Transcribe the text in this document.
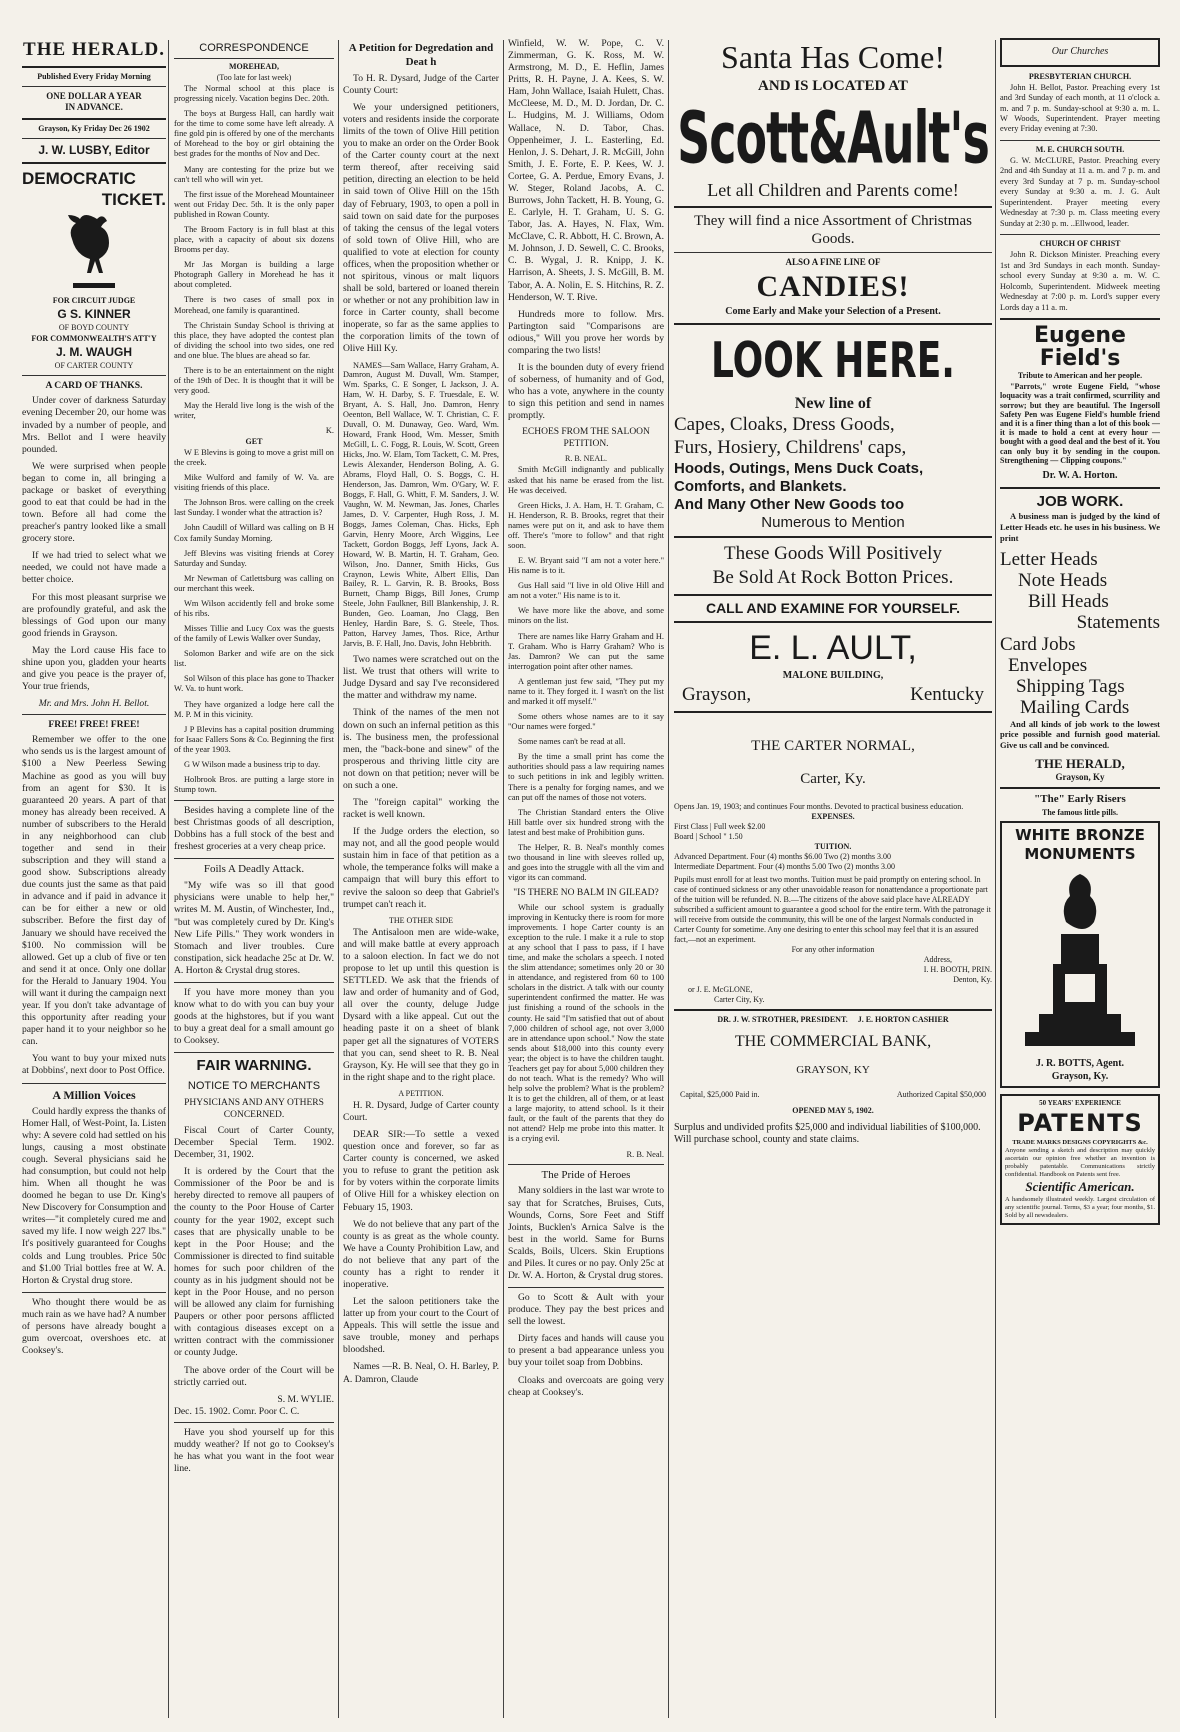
THE HERALD.
Published Every Friday Morning
ONE DOLLAR A YEAR
IN ADVANCE.
Grayson, Ky Friday Dec 26 1902
J. W. LUSBY, Editor
DEMOCRATIC
TICKET.
FOR CIRCUIT JUDGE
G S. KINNER
OF BOYD COUNTY
FOR COMMONWEALTH'S ATT'Y
J. M. WAUGH
OF CARTER COUNTY
A CARD OF THANKS.

Under cover of darkness Saturday evening December 20, our home was invaded by a number of people, and Mrs. Bellot and I were heavily pounded.

We were surprised when people began to come in, all bringing a package or basket of everything good to eat that could be had in the town. Before all had come the preacher's pantry looked like a small grocery store.

If we had tried to select what we needed, we could not have made a better choice.

For this most pleasant surprise we are profoundly grateful, and ask the blessings of God upon our many good friends in Grayson.

May the Lord cause His face to shine upon you, gladden your hearts and give you peace is the prayer of, Your true friends,

Mr. and Mrs. John H. Bellot.
FREE! FREE! FREE!

Remember we offer to the one who sends us is the largest amount of $100 a New Peerless Sewing Machine as good as you will buy from an agent for $30. It is guaranteed 20 years. A part of that money has already been received. A number of subscribers to the Herald in any neighborhood can club together and send in their subscription and they will stand a good show. Subscriptions already due counts just the same as that paid in advance and if paid in advance it can be for either a new or old subscriber. Before the first day of January we should have received the $100. No commission will be allowed. Get up a club of five or ten and send it at once. Only one dollar for the Herald to January 1904. You will want it during the campaign next year. If you don't take advantage of this opportunity after reading your paper hand it to your neighbor so he can.

You want to buy your mixed nuts at Dobbins', next door to Post Office.

A Million Voices

Could hardly express the thanks of Homer Hall, of West-Point, Ia. Listen why: A severe cold had settled on his lungs, causing a most obstinate cough. Several physicians said he had consumption, but could not help him. When all thought he was doomed he began to use Dr. King's New Discovery for Consumption and writes—"it completely cured me and saved my life. I now weigh 227 lbs." It's positively guaranteed for Coughs colds and Lung troubles. Price 50c and $1.00 Trial bottles free at W. A. Horton & Crystal drug store.

Who thought there would be as much rain as we have had? A number of persons have already bought a gum overcoat, overshoes etc. at Cooksey's.

CORRESPONDENCE
MOREHEAD,
(Too late for last week)

The Normal school at this place is progressing nicely. Vacation begins Dec. 20th.

The boys at Burgess Hall, can hardly wait for the time to come some have left already. A fine gold pin is offered by one of the merchants of Morehead to the boy or girl obtaining the best grades for the months of Nov and Dec.

Many are contesting for the prize but we can't tell who will win yet.

The first issue of the Morehead Mountaineer went out Friday Dec. 5th. It is the only paper published in Rowan County.

The Broom Factory is in full blast at this place, with a capacity of about six dozens Brooms per day.

Mr Jas Morgan is building a large Photograph Gallery in Morehead he has it about completed.

There is two cases of small pox in Morehead, one family is quarantined.

The Christain Sunday School is thriving at this place, they have adopted the contest plan of dividing the school into two sides, one red and one blue. The blues are ahead so far.

There is to be an entertainment on the night of the 19th of Dec. It is thought that it will be very good.

May the Herald live long is the wish of the writer,

K.
GET

W E Blevins is going to move a grist mill on the creek.

Mike Wulford and family of W. Va. are visiting friends of this place.

The Johnson Bros. were calling on the creek last Sunday. I wonder what the attraction is?

John Caudill of Willard was calling on B H Cox family Sunday Morning.

Jeff Blevins was visiting friends at Corey Saturday and Sunday.

Mr Newman of Catlettsburg was calling on our merchant this week.

Wm Wilson accidently fell and broke some of his ribs.

Misses Tillie and Lucy Cox was the guests of the family of Lewis Walker over Sunday,

Solomon Barker and wife are on the sick list.

Sol Wilson of this place has gone to Thacker W. Va. to hunt work.

They have organized a lodge here call the M. P. M in this vicinity.

J P Blevins has a capital position drumming for Isaac Fallers Sons & Co. Beginning the first of the year 1903.

G W Wilson made a business trip to day.

Holbrook Bros. are putting a large store in Stump town.

Besides having a complete line of the best Christmas goods of all description, Dobbins has a full stock of the best and freshest groceries at a very cheap price.

Foils A Deadly Attack.

"My wife was so ill that good physicians were unable to help her," writes M. M. Austin, of Winchester, Ind., "but was completely cured by Dr. King's New Life Pills." They work wonders in Stomach and liver troubles. Cure constipation, sick headache 25c at Dr. W. A. Horton & Crystal drug stores.

If you have more money than you know what to do with you can buy your goods at the highstores, but if you want to buy a great deal for a small amount go to Cooksey.

FAIR WARNING.
NOTICE TO MERCHANTS
PHYSICIANS AND ANY OTHERS CONCERNED.

Fiscal Court of Carter County, December Special Term. 1902. December, 31, 1902.

It is ordered by the Court that the Commissioner of the Poor be and is hereby directed to remove all paupers of the county to the Poor House of Carter county for the year 1902, except such cases that are physically unable to be kept in the Poor House; and the Commissioner is directed to find suitable homes for such poor children of the county as in his judgment should not be kept in the Poor House, and no person will be allowed any claim for furnishing Paupers or other poor persons afflicted with contagious diseases except on a written contract with the commissioner or county Judge.

The above order of the Court will be strictly carried out.

S. M. WYLIE.
Dec. 15. 1902. Comr. Poor C. C.

Have you shod yourself up for this muddy weather? If not go to Cooksey's he has what you want in the foot wear line.

A Petition for Degredation and Deat h

To H. R. Dysard, Judge of the Carter County Court:

We your undersigned petitioners, voters and residents inside the corporate limits of the town of Olive Hill petition you to make an order on the Order Book of the Carter county court at the next term thereof, after receiving said petition, directing an election to be held in said town of Olive Hill on the 15th day of February, 1903, to open a poll in said town on said date for the purposes of taking the census of the legal voters of sold town of Olive Hill, who are qualified to vote at election for county offices, when the proposition whether or not spiritous, vinous or malt liquors shall be sold, bartered or loaned therein or whether or not any prohibition law in force in Carter county, shall become inoperate, so far as the same applies to the corporation limits of the town of Olive Hill Ky.

NAMES—Sam Wallace, Harry Graham, A. Damron, August M. Duvall, Wm. Stamper, Wm. Sparks, C. E Songer, L Jackson, J. A. Ham, W. H. Darby, S. F. Truesdale, E. W. Bryant, A. S. Hall, Jno. Damron, Henry Oeenton, Bell Wallace, W. T. Christian, C. F. Duvall, O. M. Dunaway, Geo. Ward, Wm. Howard, Frank Hood, Wm. Messer, Smith McGill, L. C. Fogg, R. Louis, W. Scott, Green Hicks, Jno. W. Elam, Tom Tackett, C. M. Pres, Lewis Alexander, Henderson Boling, A. G. Abrams, Floyd Hall, O. S. Boggs, C. H. Henderson, Jas. Damron, Wm. O'Gary, W. F. Boggs, F. Hall, G. Whitt, F. M. Sanders, J. W. Vaughn, W. M. Newman, Jas. Jones, Charles James, D. V. Carpenter, Hugh Ross, J. M. Boggs, James Coleman, Chas. Hicks, Eph Garvin, Henry Moore, Arch Wiggins, Lee Tackett, Gordon Boggs, Jeff Lyons, Jack A. Howard, W. B. Martin, H. T. Graham, Geo. Wilson, Jno. Danner, Smith Hicks, Gus Craynon, Lewis White, Albert Ellis, Dan Bailey, R. L. Garvin, R. B. Brooks, Boss Burnett, Champ Biggs, Bill Jones, Crump Steele, John Faulkner, Bill Blankenship, J. R. Bunden, Geo. Loaman, Jno Clagg, Ben Henley, Hardin Bare, S. G. Steele, Thos. Patton, Harvey James, Thos. Rice, Arthur Jarvis, B. F. Hall, Jno. Davis, John Hebbrith.

Two names were scratched out on the list. We trust that others will write to Judge Dysard and say I've reconsidered the matter and withdraw my name.

Think of the names of the men not down on such an infernal petition as this is. The business men, the professional men, the "back-bone and sinew" of the prosperous and thriving little city are not down on that petition; never will be on such a one.

The "foreign capital" working the racket is well known.

If the Judge orders the election, so may not, and all the good people would sustain him in face of that petition as a whole, the temperance folks will make a campaign that will bury this effort to revive the saloon so deep that Gabriel's trumpet can't reach it.

THE OTHER SIDE

The Antisaloon men are wide-wake, and will make battle at every approach to a saloon election. In fact we do not propose to let up until this question is SETTLED. We ask that the friends of law and order of humanity and of God, all over the county, deluge Judge Dysard with a like appeal. Cut out the heading paste it on a sheet of blank paper get all the signatures of VOTERS that you can, send sheet to R. B. Neal Grayson, Ky. He will see that they go in in the right shape and to the right place.

A PETITION.

H. R. Dysard, Judge of Carter county Court.

DEAR SIR:—To settle a vexed question once and forever, so far as Carter county is concerned, we asked you to refuse to grant the petition ask for by voters within the corporate limits of Olive Hill for a whiskey election on Febuary 15, 1903.

We do not believe that any part of the county is as great as the whole county. We have a County Prohibition Law, and do not believe that any part of the county has a right to render it inoperative.

Let the saloon petitioners take the latter up from your court to the Court of Appeals. This will settle the issue and save trouble, money and perhaps bloodshed.

Names —R. B. Neal, O. H. Barley, P. A. Damron, Claude

Winfield, W. W. Pope, C. V. Zimmerman, G. K. Ross, M. W. Armstrong, M. D., E. Heflin, James Pritts, R. H. Payne, J. A. Kees, S. W. Ham, John Wallace, Isaiah Hulett, Chas. McCleese, M. D., M. D. Jordan, Dr. C. L. Hudgins, M. J. Williams, Odom Wallace, N. D. Tabor, Chas. Oppenheimer, J. L. Easterling, Ed. Henlon, J. S. Dehart, J. R. McGill, John Smith, J. E. Forte, E. P. Kees, W. J. Cortee, G. A. Perdue, Emory Evans, J. W. Steger, Roland Jacobs, A. C. Burrows, John Tackett, H. B. Young, G. E. Carlyle, H. T. Graham, U. S. G. Tabor, Jas. A. Hayes, N. Flax, Wm. McClave, C. R. Abbott, H. C. Brown, A. M. Johnson, J. D. Sewell, C. C. Brooks, C. B. Wygal, J. R. Knipp, J. K. Harrison, A. Sheets, J. S. McGill, B. M. Tabor, A. A. Nolin, E. S. Hitchins, R. Z. Henderson, W. T. Rive.

Hundreds more to follow. Mrs. Partington said "Comparisons are odious," Will you prove her words by comparing the two lists!

It is the bounden duty of every friend of soberness, of humanity and of God, who has a vote, anywhere in the county to sign this petition and send in names promptly.

ECHOES FROM THE SALOON PETITION.
R. B. NEAL.

Smith McGill indignantly and publically asked that his name be erased from the list. He was deceived.

Green Hicks, J. A. Ham, H. T. Graham, C. H. Henderson, R. B. Brooks, regret that their names were put on it, and ask to have them off. There's "more to follow" and that right soon.

E. W. Bryant said "I am not a voter here." His name is to it.

Gus Hall said "I live in old Olive Hill and am not a voter." His name is to it.

We have more like the above, and some minors on the list.

There are names like Harry Graham and H. T. Graham. Who is Harry Graham? Who is Jas. Damron? We can put the same interrogation point after other names.

A gentleman just few said, "They put my name to it. They forged it. I wasn't on the list and marked it off myself."

Some others whose names are to it say "Our names were forged."

Some names can't be read at all.

By the time a small print has come the authorities should pass a law requiring names to such petitions in ink and legibly written. There is a penalty for forging names, and we can put off the names of those not voters.

The Christian Standard enters the Olive Hill battle over six hundred strong with the latest and best make of Prohibition guns.

The Helper, R. B. Neal's monthly comes two thousand in line with sleeves rolled up, and goes into the struggle with all the vim and vigor its can command.

"IS THERE NO BALM IN GILEAD?

While our school system is gradually improving in Kentucky there is room for more improvements. I hope Carter county is an exception to the rule. I make it a rule to stop at any school that I pass to pass, if I have time, and make the scholars a speech. I noted the slim attendance; sometimes only 20 or 30 in attendance, and registered from 60 to 100 scholars in the district. A talk with our county superintendent confirmed the matter. He was just finishing a round of the schools in the county. He said "I'm satisfied that out of about 7,000 children of school age, not over 3,000 are in attendance upon school." Now the state sends about $18,000 into this county every year; the object is to have the children taught. Teachers get pay for about 5,000 children they do not teach. What is the remedy? Who will help solve the problem? What is the problem? It is to get the children, all of them, or at least a large majority, to attend school. Is it their fault, or the fault of the parents that they do not attend? Help me probe into this matter. It is a crying evil.

R. B. Neal.
The Pride of Heroes

Many soldiers in the last war wrote to say that for Scratches, Bruises, Cuts, Wounds, Corns, Sore Feet and Stiff Joints, Bucklen's Arnica Salve is the best in the world. Same for Burns Scalds, Boils, Ulcers. Skin Eruptions and Piles. It cures or no pay. Only 25c at Dr. W. A. Horton, & Crystal drug stores.

Go to Scott & Ault with your produce. They pay the best prices and sell the lowest.

Dirty faces and hands will cause you to present a bad appearance unless you buy your toilet soap from Dobbins.

Cloaks and overcoats are going very cheap at Cooksey's.

Santa Has Come!
AND IS LOCATED AT
Scott&Ault's
Let all Children and Parents come!
They will find a nice Assortment of Christmas Goods.
ALSO A FINE LINE OF
CANDIES!
Come Early and Make your Selection of a Present.
LOOK HERE.
New line of
Capes, Cloaks, Dress Goods,
Furs, Hosiery, Childrens' caps,
Hoods, Outings, Mens Duck Coats,
Comforts, and Blankets.
And Many Other New Goods too
Numerous to Mention
These Goods Will Positively
Be Sold At Rock Botton Prices.
CALL AND EXAMINE FOR YOURSELF.
E. L. AULT,
MALONE BUILDING,
Grayson,	Kentucky
THE CARTER NORMAL,
Carter, Ky.
Opens Jan. 19, 1903; and continues Four months. Devoted to practical business education.
EXPENSES.
First Class | Full week $2.00
Board | School " 1.50
TUITION.
Advanced Department. Four (4) months $6.00 Two (2) months 3.00
Intermediate Department. Four (4) months 5.00 Two (2) months 3.00
Pupils must enroll for at least two months. Tuition must be paid promptly on entering school. In case of continued sickness or any other unavoidable reason for nonattendance a proportionate part of the tuition will be refunded. N. B.—The citizens of the above said place have ALREADY subscribed a sufficient amount to guarantee a good school for the entire term. With the patronage it will receive from outside the community, this will be one of the largest Normals conducted in Carter County for sometime. Any one desiring to enter this school may feel that it is an assured fact,—not an experiment.
For any other information
Address,
I. H. BOOTH, PRIN.
Denton, Ky.
or J. E. McGLONE,
Carter City, Ky.
DR. J. W. STROTHER, PRESIDENT.     J. E. HORTON CASHIER
THE COMMERCIAL BANK,
GRAYSON, KY
Capital, $25,000 Paid in.	Authorized Capital $50,000
OPENED MAY 5, 1902.
Surplus and undivided profits $25,000 and individual liabilities of $100,000. Will purchase school, county and state claims.
Our Churches
PRESBYTERIAN CHURCH.

John H. Bellot, Pastor. Preaching every 1st and 3rd Sunday of each month, at 11 o'clock a. m. and 7 p. m. Sunday-school at 9:30 a. m. L. W Woods, Superintendent. Prayer meeting every Friday evening at 7:30.

M. E. CHURCH SOUTH.

G. W. McCLURE, Pastor. Preaching every 2nd and 4th Sunday at 11 a. m. and 7 p. m. and every 3rd Sunday at 7 p. m. Sunday-school every Sunday at 9:30 a. m. J. G. Ault Superintendent. Prayer meeting every Wednesday at 7:30 p. m. Class meeting every Sunday at 2:30 p. m. ..Ellwood, leader.

CHURCH OF CHRIST

John R. Dickson Minister. Preaching every 1st and 3rd Sundays in each month. Sunday-school every Sunday at 9:30 a. m. W. C. Holcomb, Superintendent. Midweek meeting Wednesday at 7:00 p. m. Lord's supper every Lords day a 11 a. m.

Eugene Field's
Tribute to American and her people.

"Parrots," wrote Eugene Field, "whose loquacity was a trait confirmed, scurrility and sorrow; but they are beautiful. The Ingersoll Safety Pen was Eugene Field's humble friend and it is a finer thing than a lot of this book — it is made to hold a cent at every hour — bought with a good deal and the best of it. You can only buy it by sending in the coupon. Strengthening — Clipping coupons."

Dr. W. A. Horton.
JOB WORK.

A business man is judged by the kind of Letter Heads etc. he uses in his business. We print

Letter Heads
Note Heads
Bill Heads
Statements
Card Jobs
Envelopes
Shipping Tags
Mailing Cards

And all kinds of job work to the lowest price possible and furnish good material. Give us call and be convinced.

THE HERALD,
Grayson, Ky
"The" Early Risers
The famous little pills.
WHITE BRONZE
MONUMENTS
J. R. BOTTS, Agent.
Grayson, Ky.
50 YEARS' EXPERIENCE
PATENTS
TRADE MARKS DESIGNS COPYRIGHTS &c.
Anyone sending a sketch and description may quickly ascertain our opinion free whether an invention is probably patentable. Communications strictly confidential. Handbook on Patents sent free.
Scientific American.
A handsomely illustrated weekly. Largest circulation of any scientific journal. Terms, $3 a year; four months, $1. Sold by all newsdealers.
